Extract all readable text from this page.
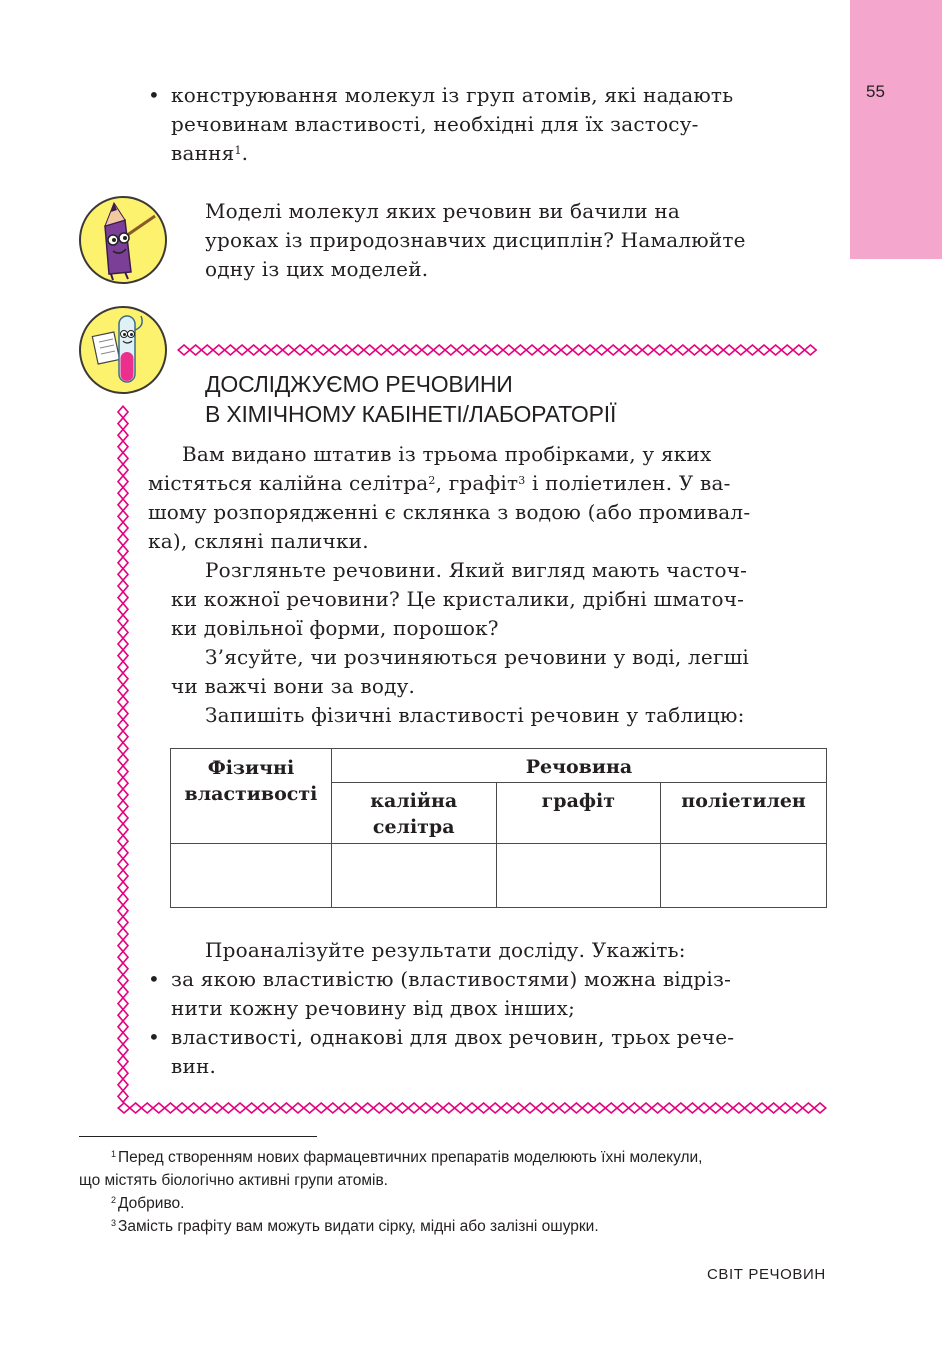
55
• конструювання молекул із груп атомів, які надають
речовинам властивості, необхідні для їх застосу-
вання$^1$.
Моделі молекул яких речовин ви бачили на
уроках із природознавчих дисциплін? Намалюйте
одну із цих моделей.
ДОСЛІДЖУЄМО РЕЧОВИНИ
В ХІМІЧНОМУ КАБІНЕТІ/ЛАБОРАТОРІЇ
Вам видано штатив із трьома пробірками, у яких
містяться калійна селітра$^2$, графіт$^3$ і поліетилен. У ва-
шому розпорядженні є склянка з водою (або промивал-
ка), скляні палички.
Розгляньте речовини. Який вигляд мають часточ-
ки кожної речовини? Це кристалики, дрібні шматоч-
ки довільної форми, порошок?
З’ясуйте, чи розчиняються речовини у воді, легші
чи важчі вони за воду.
Запишіть фізичні властивості речовин у таблицю:
Фізичні
властивості	Речовина		

	калійна
селітра	графіт	поліетилен

Проаналізуйте результати досліду. Укажіть:
• за якою властивістю (властивостями) можна відріз-
нити кожну речовину від двох інших;
• властивості, однакові для двох речовин, трьох рече-
вин.

$^1$ Перед створенням нових фармацевтичних препаратів моделюють їхні молекули,

що містять біологічно активні групи атомів.

$^2$ Добриво.

$^3$ Замість графіту вам можуть видати сірку, мідні або залізні ошурки.

СВІТ РЕЧОВИН
